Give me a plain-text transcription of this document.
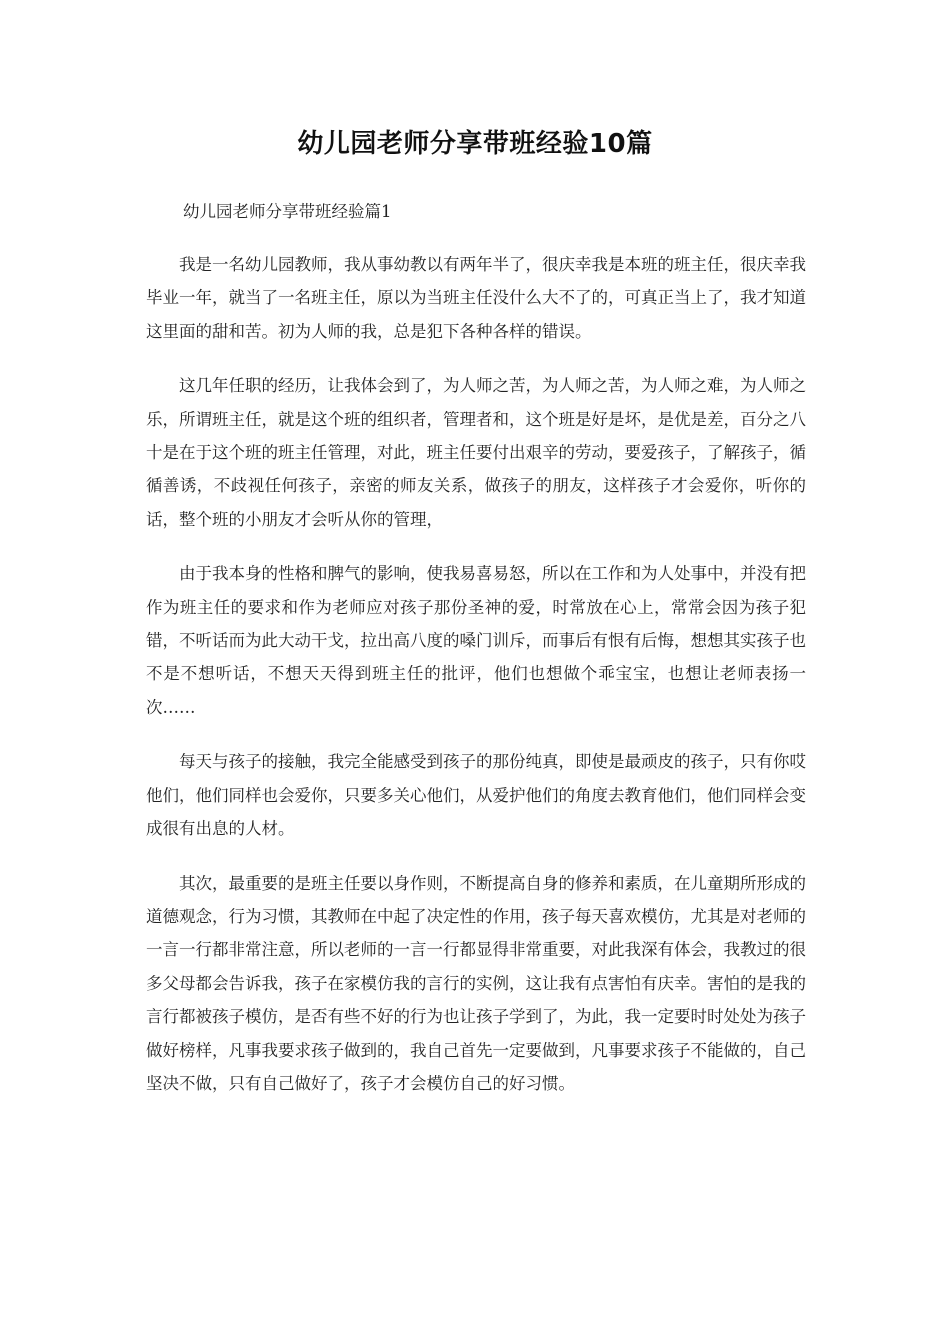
幼儿园老师分享带班经验10篇
幼儿园老师分享带班经验篇1

我是一名幼儿园教师，我从事幼教以有两年半了，很庆幸我是本班的班主任，很庆幸我毕业一年，就当了一名班主任，原以为当班主任没什么大不了的，可真正当上了，我才知道这里面的甜和苦。初为人师的我，总是犯下各种各样的错误。

这几年任职的经历，让我体会到了，为人师之苦，为人师之苦，为人师之难，为人师之乐，所谓班主任，就是这个班的组织者，管理者和，这个班是好是坏，是优是差，百分之八十是在于这个班的班主任管理，对此，班主任要付出艰辛的劳动，要爱孩子，了解孩子，循循善诱，不歧视任何孩子，亲密的师友关系，做孩子的朋友，这样孩子才会爱你，听你的话，整个班的小朋友才会听从你的管理，

由于我本身的性格和脾气的影响，使我易喜易怒，所以在工作和为人处事中，并没有把作为班主任的要求和作为老师应对孩子那份圣神的爱，时常放在心上，常常会因为孩子犯错，不听话而为此大动干戈，拉出高八度的嗓门训斥，而事后有恨有后悔，想想其实孩子也不是不想听话，不想天天得到班主任的批评，他们也想做个乖宝宝，也想让老师表扬一次……

每天与孩子的接触，我完全能感受到孩子的那份纯真，即使是最顽皮的孩子，只有你哎他们，他们同样也会爱你，只要多关心他们，从爱护他们的角度去教育他们，他们同样会变成很有出息的人材。

其次，最重要的是班主任要以身作则，不断提高自身的修养和素质，在儿童期所形成的道德观念，行为习惯，其教师在中起了决定性的作用，孩子每天喜欢模仿，尤其是对老师的一言一行都非常注意，所以老师的一言一行都显得非常重要，对此我深有体会，我教过的很多父母都会告诉我，孩子在家模仿我的言行的实例，这让我有点害怕有庆幸。害怕的是我的言行都被孩子模仿，是否有些不好的行为也让孩子学到了，为此，我一定要时时处处为孩子做好榜样，凡事我要求孩子做到的，我自己首先一定要做到，凡事要求孩子不能做的，自己坚决不做，只有自己做好了，孩子才会模仿自己的好习惯。
